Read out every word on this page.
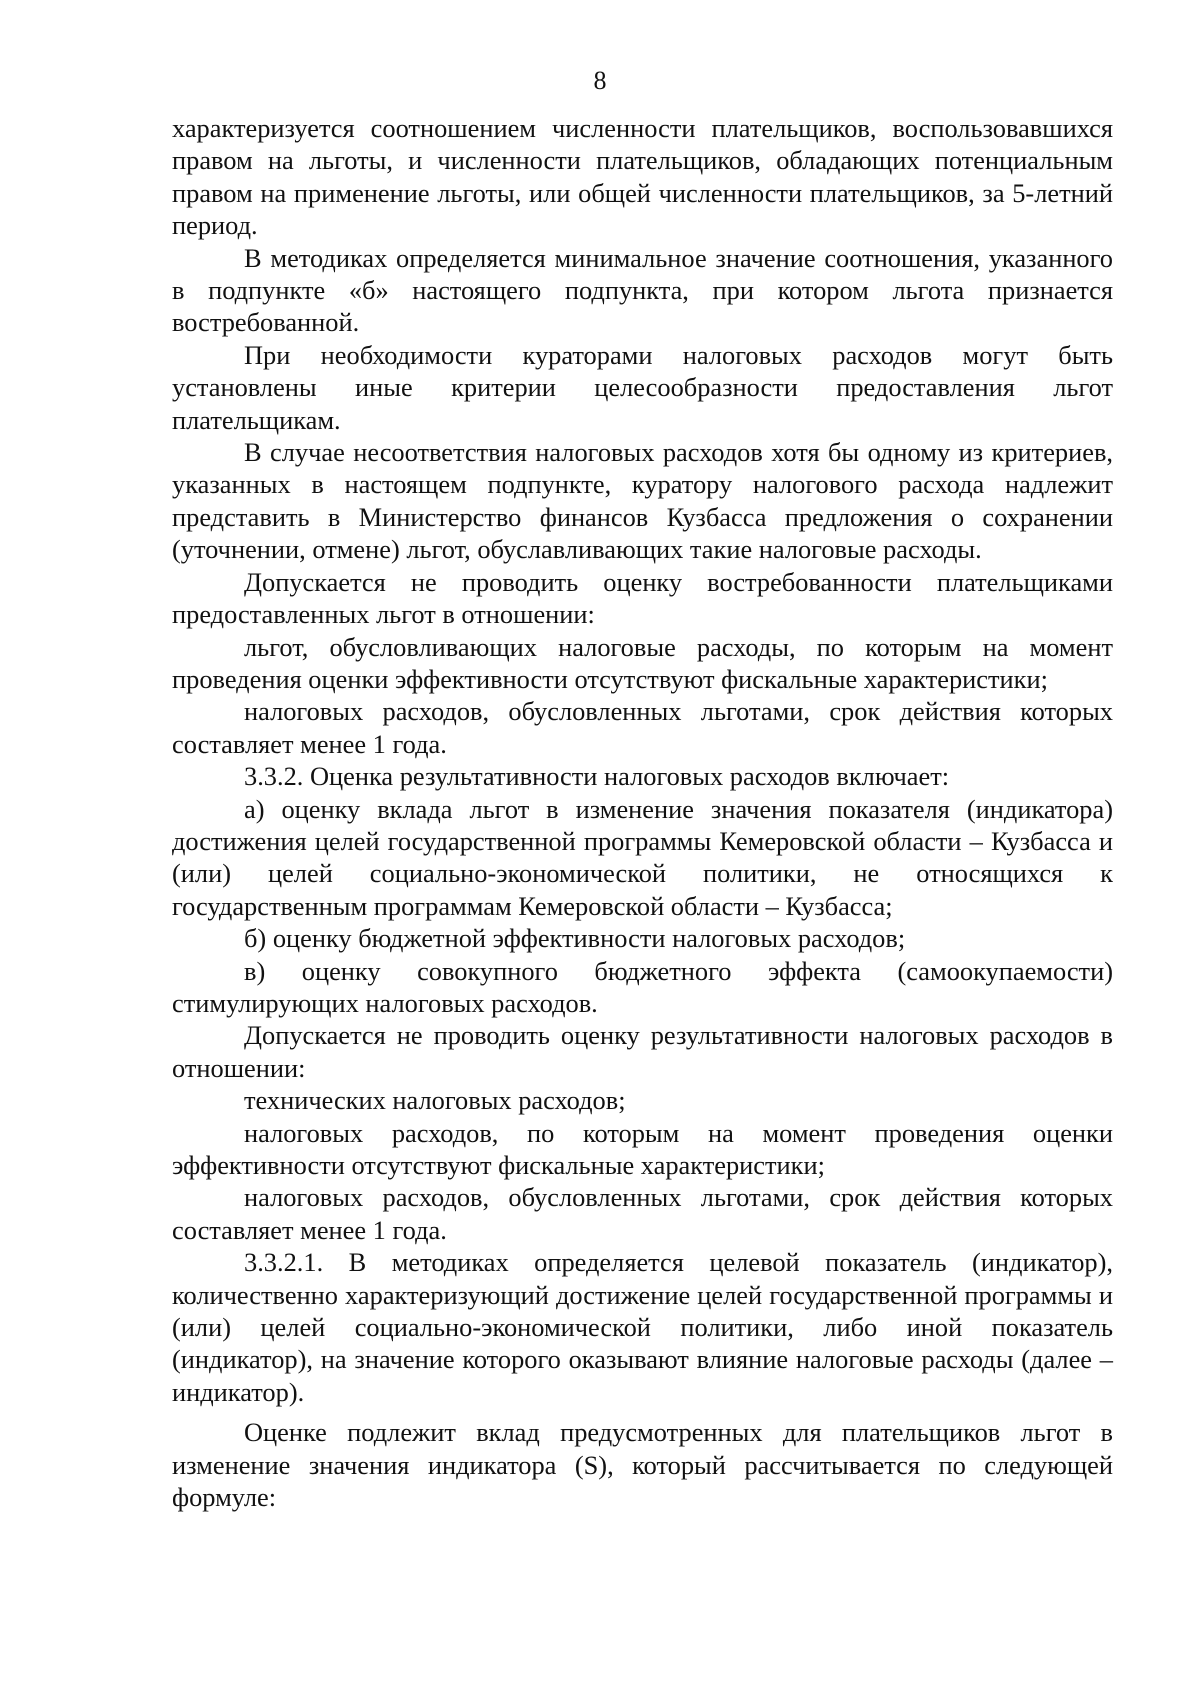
8

характеризуется соотношением численности плательщиков, воспользовавшихся правом на льготы, и численности плательщиков, обладающих потенциальным правом на применение льготы, или общей численности плательщиков, за 5-летний период.

В методиках определяется минимальное значение соотношения, указанного в подпункте «б» настоящего подпункта, при котором льгота признается востребованной.

При необходимости кураторами налоговых расходов могут быть установлены иные критерии целесообразности предоставления льгот плательщикам.

В случае несоответствия налоговых расходов хотя бы одному из критериев, указанных в настоящем подпункте, куратору налогового расхода надлежит представить в Министерство финансов Кузбасса предложения о сохранении (уточнении, отмене) льгот, обуславливающих такие налоговые расходы.

Допускается не проводить оценку востребованности плательщиками предоставленных льгот в отношении:

льгот, обусловливающих налоговые расходы, по которым на момент проведения оценки эффективности отсутствуют фискальные характеристики;

налоговых расходов, обусловленных льготами, срок действия которых составляет менее 1 года.

3.3.2. Оценка результативности налоговых расходов включает:

а) оценку вклада льгот в изменение значения показателя (индикатора) достижения целей государственной программы Кемеровской области – Кузбасса и (или) целей социально-экономической политики, не относящихся к государственным программам Кемеровской области – Кузбасса;

б) оценку бюджетной эффективности налоговых расходов;

в) оценку совокупного бюджетного эффекта (самоокупаемости) стимулирующих налоговых расходов.

Допускается не проводить оценку результативности налоговых расходов в отношении:

технических налоговых расходов;

налоговых расходов, по которым на момент проведения оценки эффективности отсутствуют фискальные характеристики;

налоговых расходов, обусловленных льготами, срок действия которых составляет менее 1 года.

3.3.2.1. В методиках определяется целевой показатель (индикатор), количественно характеризующий достижение целей государственной программы и (или) целей социально-экономической политики, либо иной показатель (индикатор), на значение которого оказывают влияние налоговые расходы (далее – индикатор).

Оценке подлежит вклад предусмотренных для плательщиков льгот в изменение значения индикатора (S), который рассчитывается по следующей формуле:
